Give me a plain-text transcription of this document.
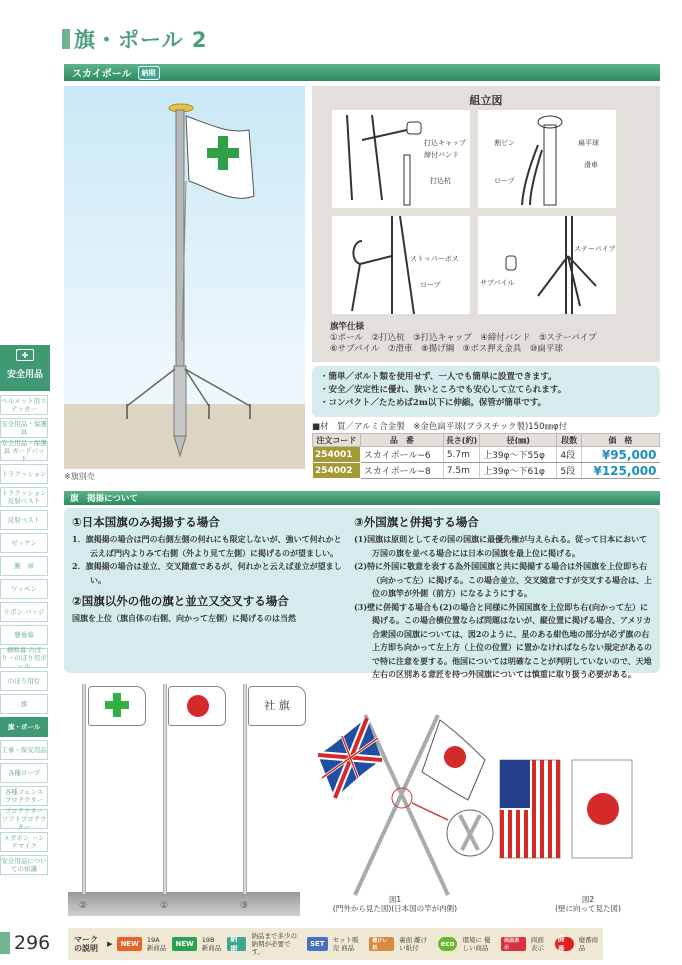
旗・ポール 2
スカイポール	納期
※旗別売
組立図
打込キャップ
締付バンド
打込杭
割ピン	扁平球
滑車
ロープ
ストッパーボス
ロープ
ステーパイプ
サブパイル
旗竿仕様
①ポール　②打込杭　③打込キャップ　④締付バンド　⑤ステーパイプ
⑥サブパイル　⑦滑車　⑧揚げ綱　⑨ボス押え金具　⑩扁平球
・簡単／ボルト類を使用せず、一人でも簡単に設置できます。
・安全／安定性に優れ、狭いところでも安心して立てられます。
・コンパクト／たためば2m以下に伸縮。保管が簡単です。
■材　質／アルミ合金製　※金色扁平球(プラスチック製)150㎜φ付
注文コード	品　番	長さ(約)	径(㎜)	段数	価　格
254001	スカイポール−6	5.7m	上39φ〜下55φ	4段	¥95,000
254002	スカイポール−8	7.5m	上39φ〜下61φ	5段	¥125,000
旗　掲揚について
①日本国旗のみ掲揚する場合
1．旗掲揚の場合は門の右側左側の何れにも限定しないが、強いて何れかと云えば門内よりみて右側（外より見て左側）に掲げるのが望ましい。
2．旗掲揚の場合は並立、交叉随意であるが、何れかと云えば並立が望ましい。
②国旗以外の他の旗と並立又交叉する場合
国旗を上位（旗自体の右側、向かって左側）に掲げるのは当然
③外国旗と併掲する場合
(1)国旗は原則としてその国の国旗に最優先権が与えられる。従って日本において万国の旗を並べる場合には日本の国旗を最上位に掲げる。
(2)特に外国に敬意を表する為外国国旗と共に掲揚する場合は外国旗を上位即ち右（向かって左）に掲げる。この場合並立、交叉随意ですが交叉する場合は、上位の旗竿が外側（前方）になるようにする。
(3)壁に併掲する場合も(2)の場合と同様に外国国旗を上位即ち右(向かって左）に掲げる。この場合横位置ならば問題はないが、縦位置に掲げる場合、アメリカ合衆国の国旗については、図2のように、星のある紺色地の部分が必ず旗の右上方即ち向かって左上方（上位の位置）に置かなければならない規定があるので特に注意を要する。他国については明確なことが判明していないので、天地左右の区別ある意匠を持つ外国旗については慎重に取り扱う必要がある。
社 旗
②	①	③
図1
(門外から見た図)(日本国の竿が内側)
図2
(壁に向って見た図)
✚
安全用品
ヘルメット用ステッカー
安全用品・保護具
安全用品・保護具 ガードパッド
トラクッション
トラクッション 反射ベスト
反射ベスト
ゼッケン
腕　章
ワッペン
リボン バッジ
懸垂幕
横断幕 のぼり・のぼり用ポール
のぼり用台
旗
旗・ポール
工事・保安用品
各種ロープ
各種フェンス プロテクター
プロテクター ソフトプロテクター
メガホン ハンドマイク
安全用品についての知識
296	マークの説明	▶	NEW	19A 新商品	NEW	19B 新商品
納期
納品まで多少の 納期が必要です。
SET	セット販売 商品
離けい紙
裏面 離けい紙付	eco	環境に 優しい商品
両面表示
両面 表示
廃番
廃番商品
